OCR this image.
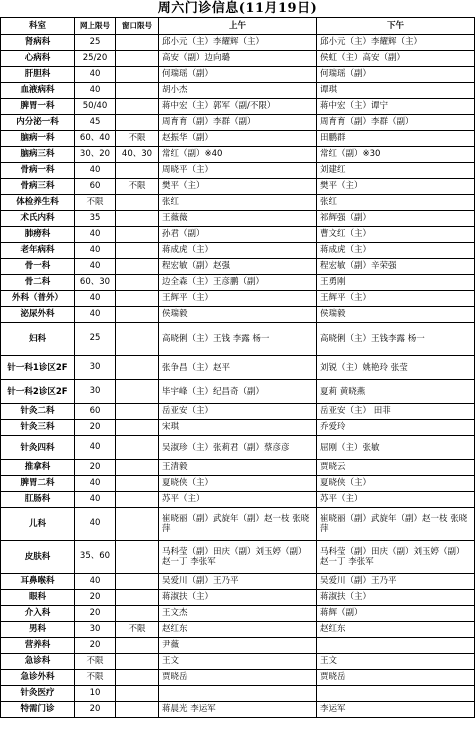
周六门诊信息(11月19日)
科室	网上限号	窗口限号	上午	下午
肾病科	25		邱小元（主）李耀辉（主）	邱小元（主）李耀辉（主）
心病科	25/20		高安（副）边向璐	侯虹（主）高安（副）
肝胆科	40		何瑞瑶（副）	何瑞瑶（副）
血液病科	40		胡小杰	谭琪
脾胃一科	50/40		蒋中宏（主）郭军（副/不限）	蒋中宏（主）谭宁
内分泌一科	45		周育育（副）李群（副）	周育育（副）李群（副）
脑病一科	60、40	不限	赵振华（副）	田鹏群
脑病三科	30、20	40、30	常红（副）※40	常红（副）※30
骨病一科	40		周晓平（主）	刘建红
骨病三科	60	不限	樊平（主）	樊平（主）
体检养生科	不限		张红	张红
术氏内科	35		王薇薇	祁辉强（副）
肺痨科	40		孙君（副）	曹文红（主）
老年病科	40		蒋成虎（主）	蒋成虎（主）
骨一科	40		程宏敏（副）赵强	程宏敏（副）辛荣强
骨二科	60、30		边全森（主）王彦鹏（副）	王勇刚
外科（普外）	40		王辉平（主）	王辉平（主）
泌尿外科	40		侯瑞毅	侯瑞毅
妇科	25		高晓俐（主）王钱 李露 杨一	高晓俐（主）王钱李露 杨一
针一科1诊区2F	30		张争昌（主）赵平	刘锐（主）姚艳玲 张莹
针一科2诊区2F	30		毕宇峰（主）纪昌奇（副）	夏莉 黄晓燕
针灸二科	60		岳亚安（主）	岳亚安（主） 田菲
针灸三科	20		宋琪	乔爱玲
针灸四科	40		吴淑珍（主）张莉君（副）蔡彦彦	屈刚（主）张敏
推拿科	20		王清毅	贾晓云
脾胃二科	40		夏晓侠（主）	夏晓侠（主）
肛肠科	40		苏平（主）	苏平（主）
儿科	40		崔晓丽（副）武旋年（副）赵一枝 张晓萍	崔晓丽（副）武旋年（副）赵一枝 张晓萍
皮肤科	35、60		马科莹（副）田庆（副）刘玉婷（副） 赵一丁 李张军	马科莹（副）田庆（副）刘玉婷（副） 赵一丁 李张军
耳鼻喉科	40		吴爱川（副）王乃平	吴爱川（副）王乃平
眼科	20		蒋淑扶（主）	蒋淑扶（主）
介入科	20		王文杰	蒋辉（副）
男科	30	不限	赵红东	赵红东
营养科	20		尹薇	
急诊科	不限		王文	王文
急诊外科	不限		贾晓岳	贾晓岳
针灸医疗	10			
特需门诊	20		蒋晨光 李运军	李运军
